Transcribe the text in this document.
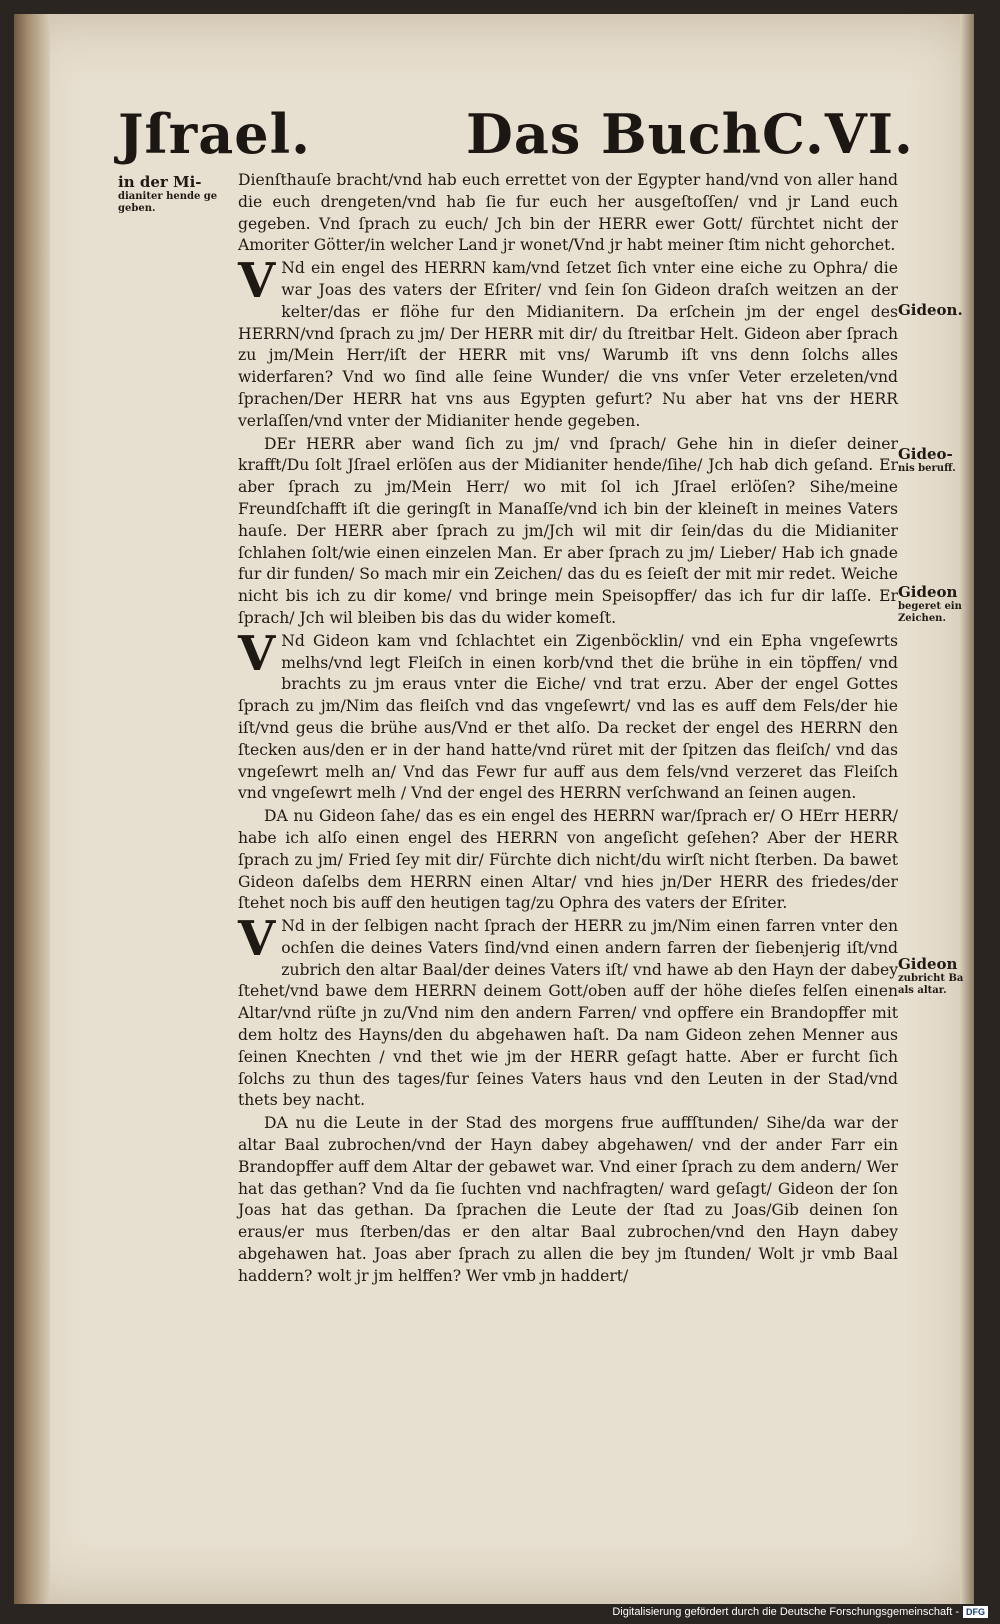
Jſrael.	Das Buch C.VI.
in der Mi-
dianiter hende ge geben.
Gideon.
Gideo-
nis beruff.
Gideon
begeret ein Zeichen.
Gideon
zubricht Ba als altar.

Dienſthauſe bracht/vnd hab euch errettet von der Egypter hand/vnd von aller hand die euch drengeten/vnd hab ſie fur euch her ausgeſtoſſen/ vnd jr Land euch gegeben. Vnd ſprach zu euch/ Jch bin der HERR ewer Gott/ fürchtet nicht der Amoriter Götter/in welcher Land jr wonet/Vnd jr habt meiner ſtim nicht gehorchet.

V Nd ein engel des HERRN kam/vnd ſetzet ſich vnter eine eiche zu Ophra/ die war Joas des vaters der Eſriter/ vnd ſein ſon Gideon draſch weitzen an der kelter/das er flöhe fur den Midianitern. Da erſchein jm der engel des HERRN/vnd ſprach zu jm/ Der HERR mit dir/ du ſtreitbar Helt. Gideon aber ſprach zu jm/Mein Herr/iſt der HERR mit vns/ Warumb iſt vns denn ſolchs alles widerfaren? Vnd wo ſind alle ſeine Wunder/ die vns vnſer Veter erzeleten/vnd ſprachen/Der HERR hat vns aus Egypten gefurt? Nu aber hat vns der HERR verlaſſen/vnd vnter der Midianiter hende gegeben.

DEr HERR aber wand ſich zu jm/ vnd ſprach/ Gehe hin in dieſer deiner krafft/Du ſolt Jſrael erlöſen aus der Midianiter hende/ſihe/ Jch hab dich geſand. Er aber ſprach zu jm/Mein Herr/ wo mit ſol ich Jſrael erlöſen? Sihe/meine Freundſchafft iſt die geringſt in Manaſſe/vnd ich bin der kleineſt in meines Vaters hauſe. Der HERR aber ſprach zu jm/Jch wil mit dir ſein/das du die Midianiter ſchlahen ſolt/wie einen einzelen Man. Er aber ſprach zu jm/ Lieber/ Hab ich gnade fur dir funden/ So mach mir ein Zeichen/ das du es ſeieſt der mit mir redet. Weiche nicht bis ich zu dir kome/ vnd bringe mein Speisopffer/ das ich fur dir laſſe. Er ſprach/ Jch wil bleiben bis das du wider komeſt.

V Nd Gideon kam vnd ſchlachtet ein Zigenböcklin/ vnd ein Epha vngeſewrts melhs/vnd legt Fleiſch in einen korb/vnd thet die brühe in ein töpffen/ vnd brachts zu jm eraus vnter die Eiche/ vnd trat erzu. Aber der engel Gottes ſprach zu jm/Nim das fleiſch vnd das vngeſewrt/ vnd las es auff dem Fels/der hie iſt/vnd geus die brühe aus/Vnd er thet alſo. Da recket der engel des HERRN den ſtecken aus/den er in der hand hatte/vnd rüret mit der ſpitzen das fleiſch/ vnd das vngeſewrt melh an/ Vnd das Fewr fur auff aus dem fels/vnd verzeret das Fleiſch vnd vngeſewrt melh / Vnd der engel des HERRN verſchwand an ſeinen augen.

DA nu Gideon ſahe/ das es ein engel des HERRN war/ſprach er/ O HErr HERR/ habe ich alſo einen engel des HERRN von angeſicht geſehen? Aber der HERR ſprach zu jm/ Fried ſey mit dir/ Fürchte dich nicht/du wirſt nicht ſterben. Da bawet Gideon daſelbs dem HERRN einen Altar/ vnd hies jn/Der HERR des friedes/der ſtehet noch bis auff den heutigen tag/zu Ophra des vaters der Eſriter.

V Nd in der ſelbigen nacht ſprach der HERR zu jm/Nim einen farren vnter den ochſen die deines Vaters ſind/vnd einen andern farren der ſiebenjerig iſt/vnd zubrich den altar Baal/der deines Vaters iſt/ vnd hawe ab den Hayn der dabey ſtehet/vnd bawe dem HERRN deinem Gott/oben auff der höhe dieſes felſen einen Altar/vnd rüſte jn zu/Vnd nim den andern Farren/ vnd opffere ein Brandopffer mit dem holtz des Hayns/den du abgehawen haſt. Da nam Gideon zehen Menner aus ſeinen Knechten / vnd thet wie jm der HERR geſagt hatte. Aber er furcht ſich ſolchs zu thun des tages/fur ſeines Vaters haus vnd den Leuten in der Stad/vnd thets bey nacht.

DA nu die Leute in der Stad des morgens frue auffſtunden/ Sihe/da war der altar Baal zubrochen/vnd der Hayn dabey abgehawen/ vnd der ander Farr ein Brandopffer auff dem Altar der gebawet war. Vnd einer ſprach zu dem andern/ Wer hat das gethan? Vnd da ſie ſuchten vnd nachfragten/ ward geſagt/ Gideon der ſon Joas hat das gethan. Da ſprachen die Leute der ſtad zu Joas/Gib deinen ſon eraus/er mus ſterben/das er den altar Baal zubrochen/vnd den Hayn dabey abgehawen hat. Joas aber ſprach zu allen die bey jm ſtunden/ Wolt jr vmb Baal haddern? wolt jr jm helffen? Wer vmb jn haddert/

Digitalisierung gefördert durch die Deutsche Forschungsgemeinschaft - DFG
